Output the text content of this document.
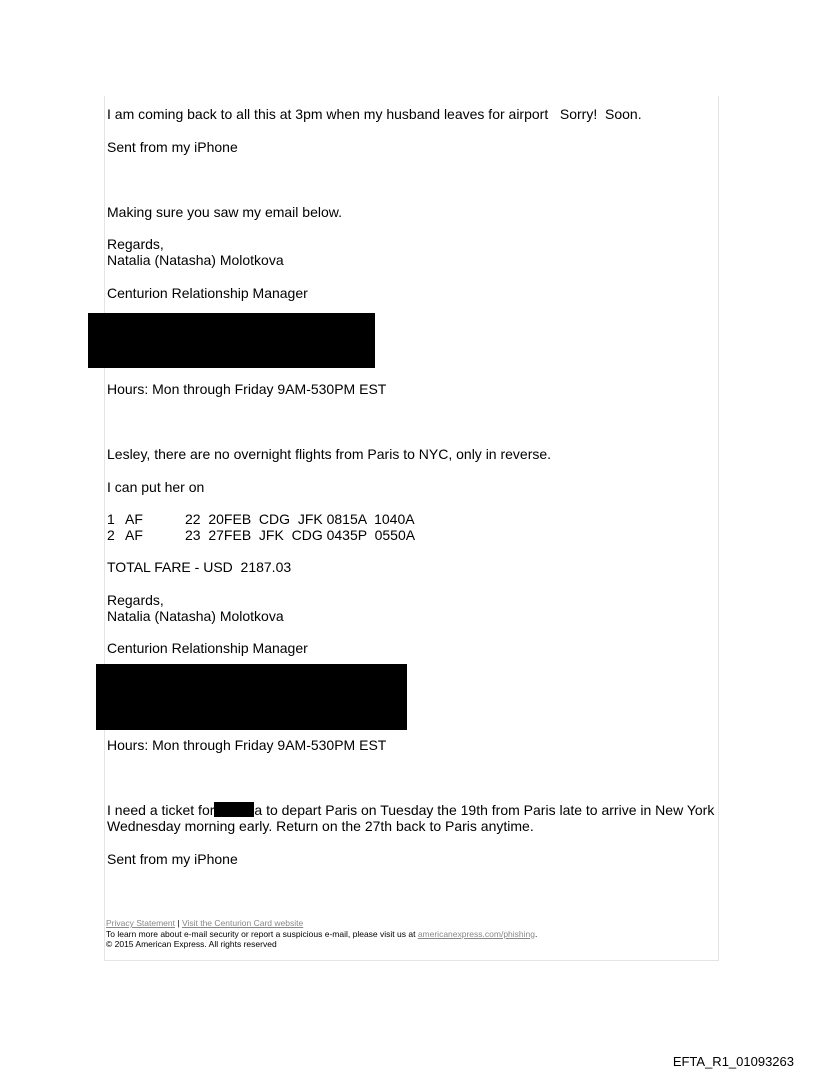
I am coming back to all this at 3pm when my husband leaves for airport   Sorry!  Soon.
Sent from my iPhone
Making sure you saw my email below.
Regards,
Natalia (Natasha) Molotkova
Centurion Relationship Manager
Hours: Mon through Friday 9AM-530PM EST
Lesley, there are no overnight flights from Paris to NYC, only in reverse.
I can put her on
1 AF	22  20FEB  CDG  JFK 0815A  1040A
2 AF	23  27FEB  JFK  CDG 0435P  0550A
TOTAL FARE - USD  2187.03
Regards,
Natalia (Natasha) Molotkova
Centurion Relationship Manager
Hours: Mon through Friday 9AM-530PM EST
I need a ticket for	a to depart Paris on Tuesday the 19th from Paris late to arrive in New York
Wednesday morning early. Return on the 27th back to Paris anytime.
Sent from my iPhone
Privacy Statement | Visit the Centurion Card website
To learn more about e-mail security or report a suspicious e-mail, please visit us at americanexpress.com/phishing.
© 2015 American Express. All rights reserved
EFTA_R1_01093263
